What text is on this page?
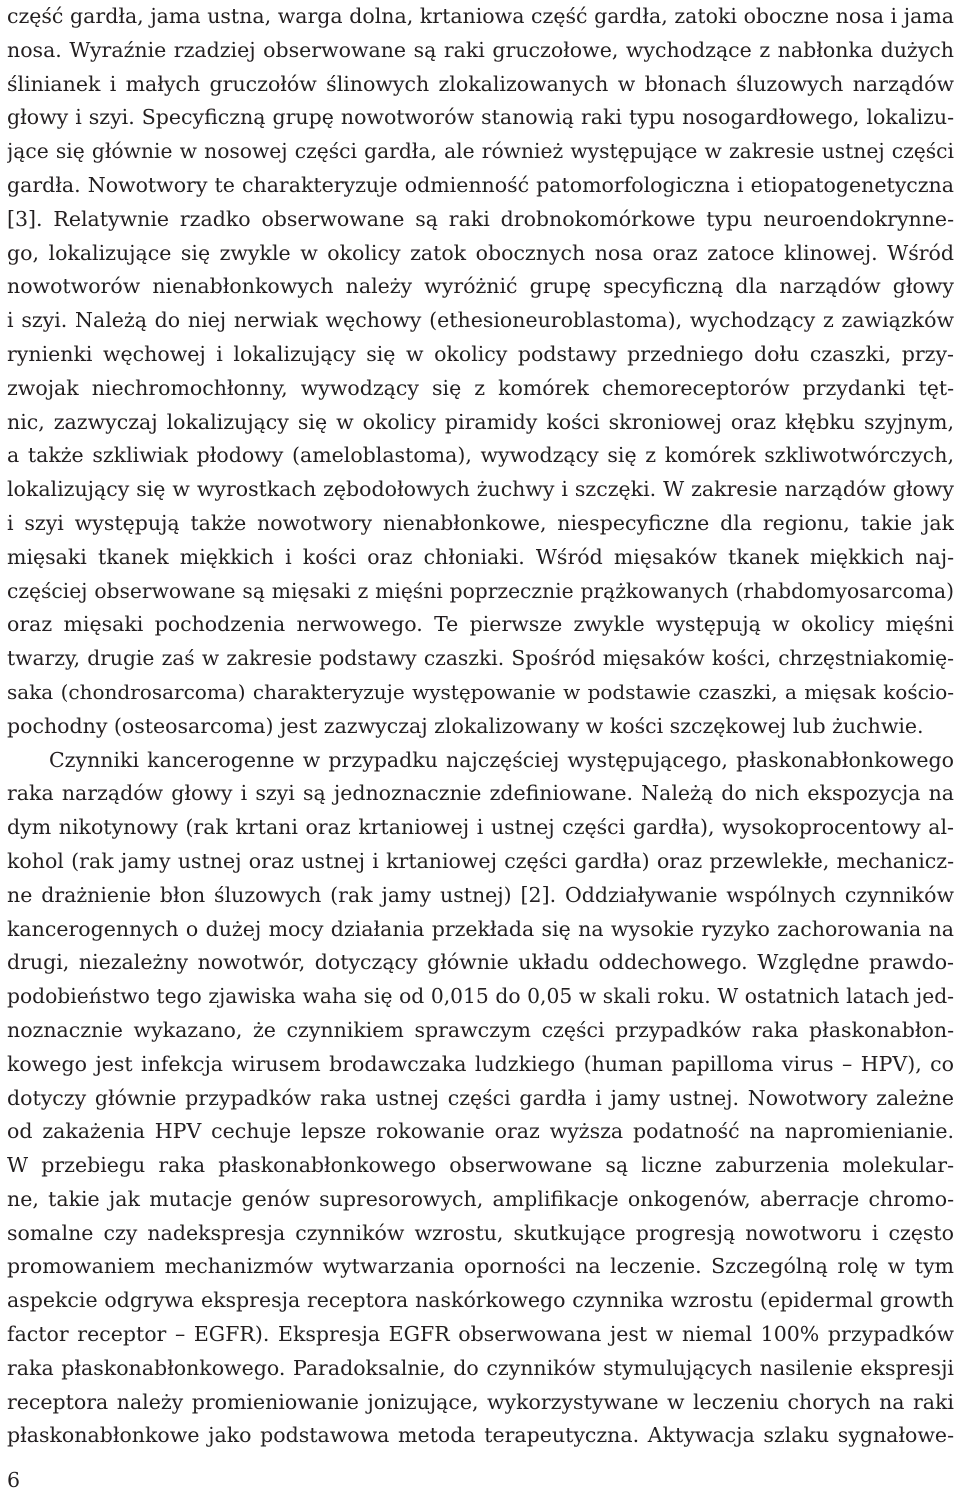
część gardła, jama ustna, warga dolna, krtaniowa część gardła, zatoki oboczne nosa i jama
nosa. Wyraźnie rzadziej obserwowane są raki gruczołowe, wychodzące z nabłonka dużych
ślinianek i małych gruczołów ślinowych zlokalizowanych w błonach śluzowych narządów
głowy i szyi. Specyficzną grupę nowotworów stanowią raki typu nosogardłowego, lokalizu-
jące się głównie w nosowej części gardła, ale również występujące w zakresie ustnej części
gardła. Nowotwory te charakteryzuje odmienność patomorfologiczna i etiopatogenetyczna
[3]. Relatywnie rzadko obserwowane są raki drobnokomórkowe typu neuroendokrynne-
go, lokalizujące się zwykle w okolicy zatok obocznych nosa oraz zatoce klinowej. Wśród
nowotworów nienabłonkowych należy wyróżnić grupę specyficzną dla narządów głowy
i szyi. Należą do niej nerwiak węchowy (ethesioneuroblastoma), wychodzący z zawiązków
rynienki węchowej i lokalizujący się w okolicy podstawy przedniego dołu czaszki, przy-
zwojak niechromochłonny, wywodzący się z komórek chemoreceptorów przydanki tęt-
nic, zazwyczaj lokalizujący się w okolicy piramidy kości skroniowej oraz kłębku szyjnym,
a także szkliwiak płodowy (ameloblastoma), wywodzący się z komórek szkliwotwórczych,
lokalizujący się w wyrostkach zębodołowych żuchwy i szczęki. W zakresie narządów głowy
i szyi występują także nowotwory nienabłonkowe, niespecyficzne dla regionu, takie jak
mięsaki tkanek miękkich i kości oraz chłoniaki. Wśród mięsaków tkanek miękkich naj-
częściej obserwowane są mięsaki z mięśni poprzecznie prążkowanych (rhabdomyosarcoma)
oraz mięsaki pochodzenia nerwowego. Te pierwsze zwykle występują w okolicy mięśni
twarzy, drugie zaś w zakresie podstawy czaszki. Spośród mięsaków kości, chrzęstniakomię-
saka (chondrosarcoma) charakteryzuje występowanie w podstawie czaszki, a mięsak kościo-
pochodny (osteosarcoma) jest zazwyczaj zlokalizowany w kości szczękowej lub żuchwie.
Czynniki kancerogenne w przypadku najczęściej występującego, płaskonabłonkowego
raka narządów głowy i szyi są jednoznacznie zdefiniowane. Należą do nich ekspozycja na
dym nikotynowy (rak krtani oraz krtaniowej i ustnej części gardła), wysokoprocentowy al-
kohol (rak jamy ustnej oraz ustnej i krtaniowej części gardła) oraz przewlekłe, mechanicz-
ne drażnienie błon śluzowych (rak jamy ustnej) [2]. Oddziaływanie wspólnych czynników
kancerogennych o dużej mocy działania przekłada się na wysokie ryzyko zachorowania na
drugi, niezależny nowotwór, dotyczący głównie układu oddechowego. Względne prawdo-
podobieństwo tego zjawiska waha się od 0,015 do 0,05 w skali roku. W ostatnich latach jed-
noznacznie wykazano, że czynnikiem sprawczym części przypadków raka płaskonabłon-
kowego jest infekcja wirusem brodawczaka ludzkiego (human papilloma virus – HPV), co
dotyczy głównie przypadków raka ustnej części gardła i jamy ustnej. Nowotwory zależne
od zakażenia HPV cechuje lepsze rokowanie oraz wyższa podatność na napromienianie.
W przebiegu raka płaskonabłonkowego obserwowane są liczne zaburzenia molekular-
ne, takie jak mutacje genów supresorowych, amplifikacje onkogenów, aberracje chromo-
somalne czy nadekspresja czynników wzrostu, skutkujące progresją nowotworu i często
promowaniem mechanizmów wytwarzania oporności na leczenie. Szczególną rolę w tym
aspekcie odgrywa ekspresja receptora naskórkowego czynnika wzrostu (epidermal growth
factor receptor – EGFR). Ekspresja EGFR obserwowana jest w niemal 100% przypadków
raka płaskonabłonkowego. Paradoksalnie, do czynników stymulujących nasilenie ekspresji
receptora należy promieniowanie jonizujące, wykorzystywane w leczeniu chorych na raki
płaskonabłonkowe jako podstawowa metoda terapeutyczna. Aktywacja szlaku sygnałowe-
6
